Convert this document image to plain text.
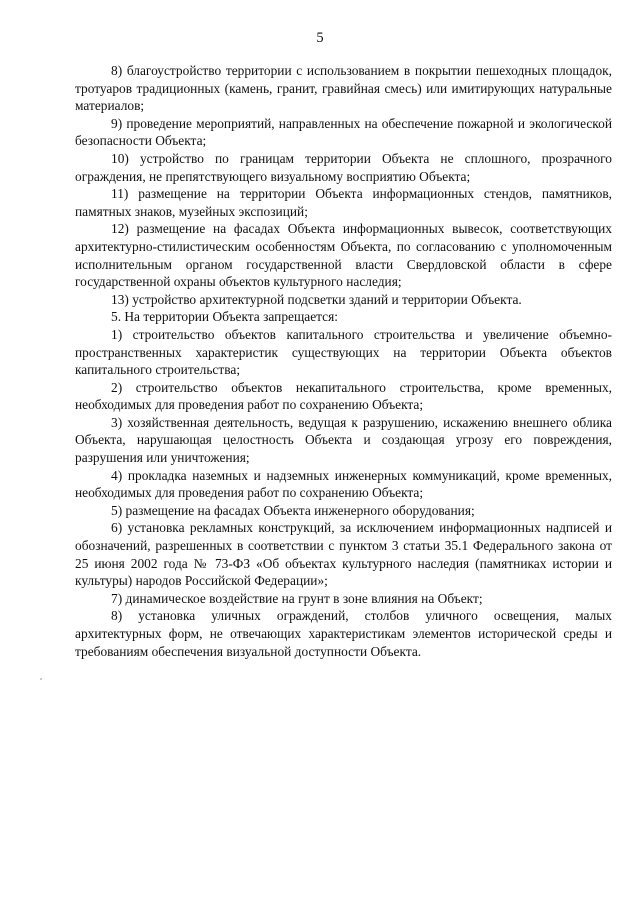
5

8) благоустройство территории с использованием в покрытии пешеходных площадок, тротуаров традиционных (камень, гранит, гравийная смесь) или имитирующих натуральные материалов;

9) проведение мероприятий, направленных на обеспечение пожарной и экологической безопасности Объекта;

10) устройство по границам территории Объекта не сплошного, прозрачного ограждения, не препятствующего визуальному восприятию Объекта;

11) размещение на территории Объекта информационных стендов, памятников, памятных знаков, музейных экспозиций;

12) размещение на фасадах Объекта информационных вывесок, соответствующих архитектурно-стилистическим особенностям Объекта, по согласованию с уполномоченным исполнительным органом государственной власти Свердловской области в сфере государственной охраны объектов культурного наследия;

13) устройство архитектурной подсветки зданий и территории Объекта.

5. На территории Объекта запрещается:

1) строительство объектов капитального строительства и увеличение объемно-пространственных характеристик существующих на территории Объекта объектов капитального строительства;

2) строительство объектов некапитального строительства, кроме временных, необходимых для проведения работ по сохранению Объекта;

3) хозяйственная деятельность, ведущая к разрушению, искажению внешнего облика Объекта, нарушающая целостность Объекта и создающая угрозу его повреждения, разрушения или уничтожения;

4) прокладка наземных и надземных инженерных коммуникаций, кроме временных, необходимых для проведения работ по сохранению Объекта;

5) размещение на фасадах Объекта инженерного оборудования;

6) установка рекламных конструкций, за исключением информационных надписей и обозначений, разрешенных в соответствии с пунктом 3 статьи 35.1 Федерального закона от 25 июня 2002 года № 73-ФЗ «Об объектах культурного наследия (памятниках истории и культуры) народов Российской Федерации»;

7) динамическое воздействие на грунт в зоне влияния на Объект;

8) установка уличных ограждений, столбов уличного освещения, малых архитектурных форм, не отвечающих характеристикам элементов исторической среды и требованиям обеспечения визуальной доступности Объекта.
